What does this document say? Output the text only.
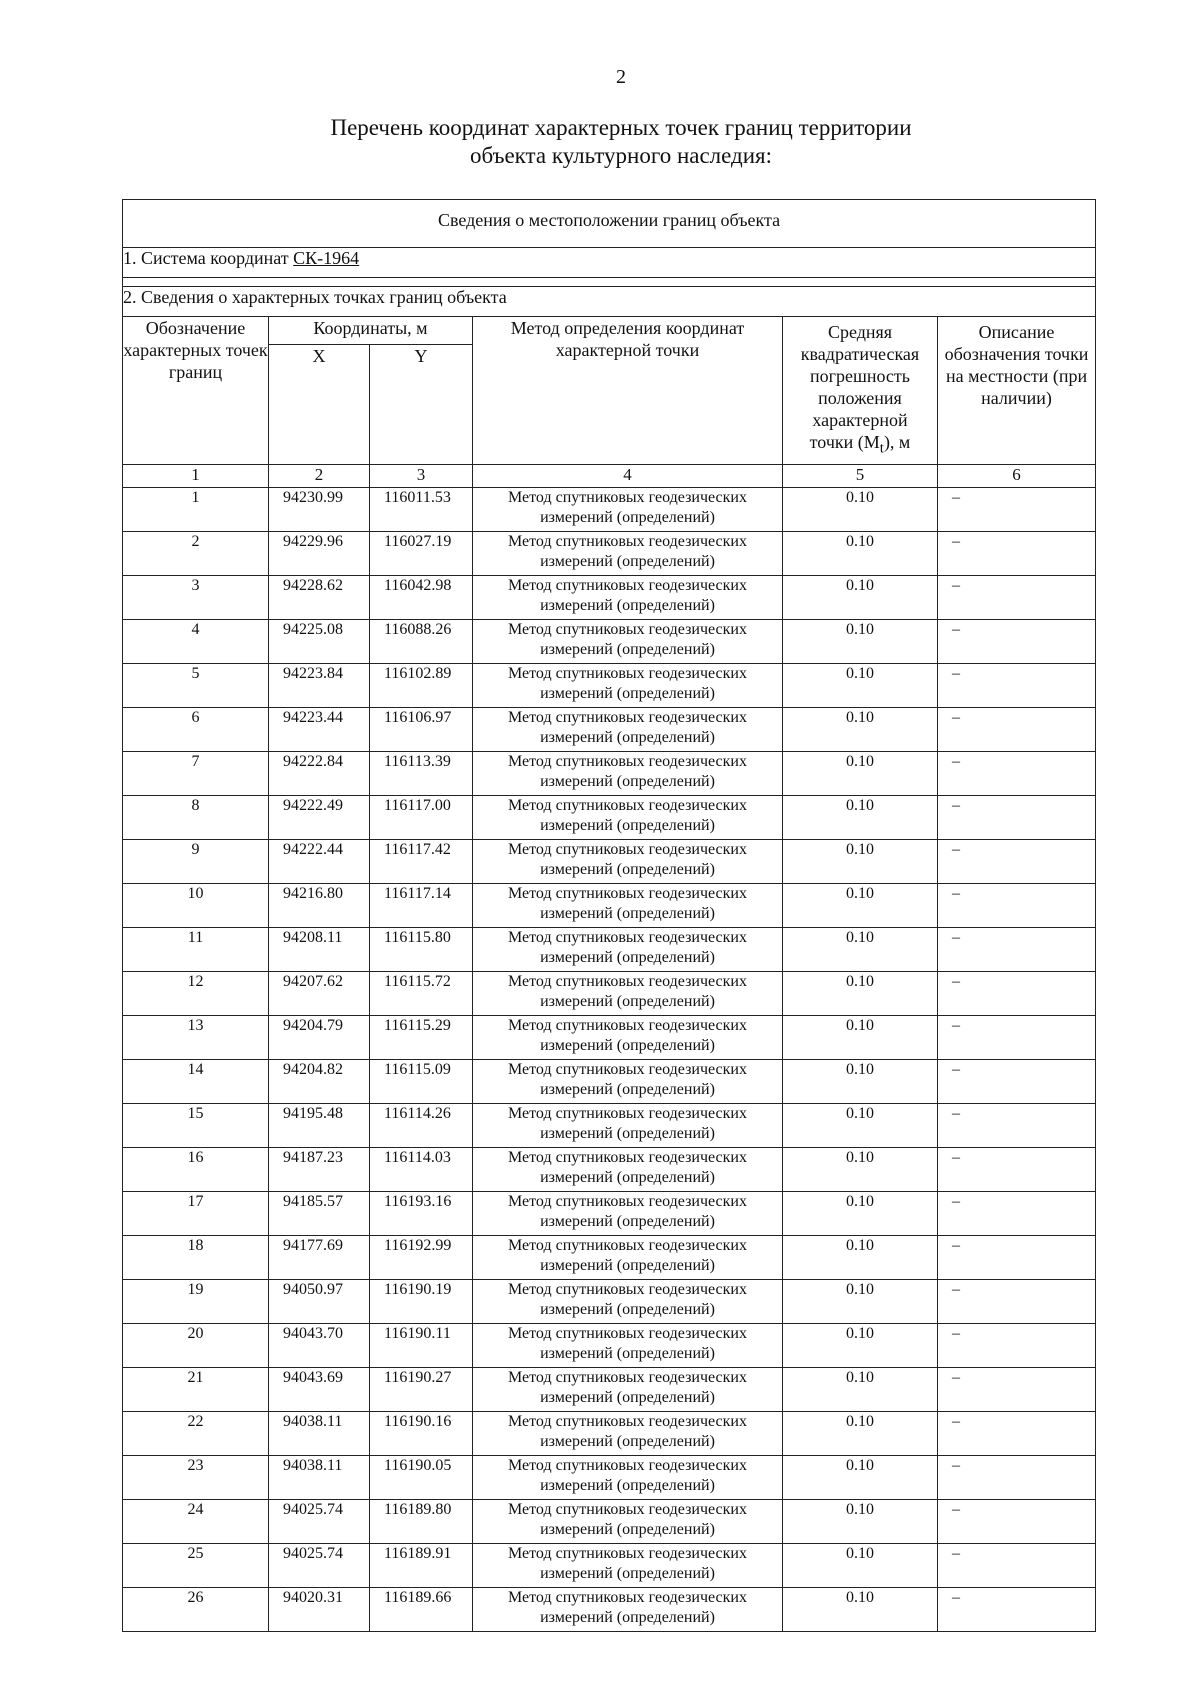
2
Перечень координат характерных точек границ территории
объекта культурного наследия:
Сведения о местоположении границ объекта					
1. Система координат СК-1964					

2. Сведения о характерных точках границ объекта					
Обозначение характерных точек границ	Координаты, м		Метод определения координат характерной точки	Средняя квадратическая погрешность положения характерной точки $(M_t)$, м	Описание обозначения точки на местности (при наличии)
	X	Y			
1	2	3	4	5	6
1	94230.99	116011.53	Метод спутниковых геодезических измерений (определений)	0.10	–
2	94229.96	116027.19	Метод спутниковых геодезических измерений (определений)	0.10	–
3	94228.62	116042.98	Метод спутниковых геодезических измерений (определений)	0.10	–
4	94225.08	116088.26	Метод спутниковых геодезических измерений (определений)	0.10	–
5	94223.84	116102.89	Метод спутниковых геодезических измерений (определений)	0.10	–
6	94223.44	116106.97	Метод спутниковых геодезических измерений (определений)	0.10	–
7	94222.84	116113.39	Метод спутниковых геодезических измерений (определений)	0.10	–
8	94222.49	116117.00	Метод спутниковых геодезических измерений (определений)	0.10	–
9	94222.44	116117.42	Метод спутниковых геодезических измерений (определений)	0.10	–
10	94216.80	116117.14	Метод спутниковых геодезических измерений (определений)	0.10	–
11	94208.11	116115.80	Метод спутниковых геодезических измерений (определений)	0.10	–
12	94207.62	116115.72	Метод спутниковых геодезических измерений (определений)	0.10	–
13	94204.79	116115.29	Метод спутниковых геодезических измерений (определений)	0.10	–
14	94204.82	116115.09	Метод спутниковых геодезических измерений (определений)	0.10	–
15	94195.48	116114.26	Метод спутниковых геодезических измерений (определений)	0.10	–
16	94187.23	116114.03	Метод спутниковых геодезических измерений (определений)	0.10	–
17	94185.57	116193.16	Метод спутниковых геодезических измерений (определений)	0.10	–
18	94177.69	116192.99	Метод спутниковых геодезических измерений (определений)	0.10	–
19	94050.97	116190.19	Метод спутниковых геодезических измерений (определений)	0.10	–
20	94043.70	116190.11	Метод спутниковых геодезических измерений (определений)	0.10	–
21	94043.69	116190.27	Метод спутниковых геодезических измерений (определений)	0.10	–
22	94038.11	116190.16	Метод спутниковых геодезических измерений (определений)	0.10	–
23	94038.11	116190.05	Метод спутниковых геодезических измерений (определений)	0.10	–
24	94025.74	116189.80	Метод спутниковых геодезических измерений (определений)	0.10	–
25	94025.74	116189.91	Метод спутниковых геодезических измерений (определений)	0.10	–
26	94020.31	116189.66	Метод спутниковых геодезических измерений (определений)	0.10	–
